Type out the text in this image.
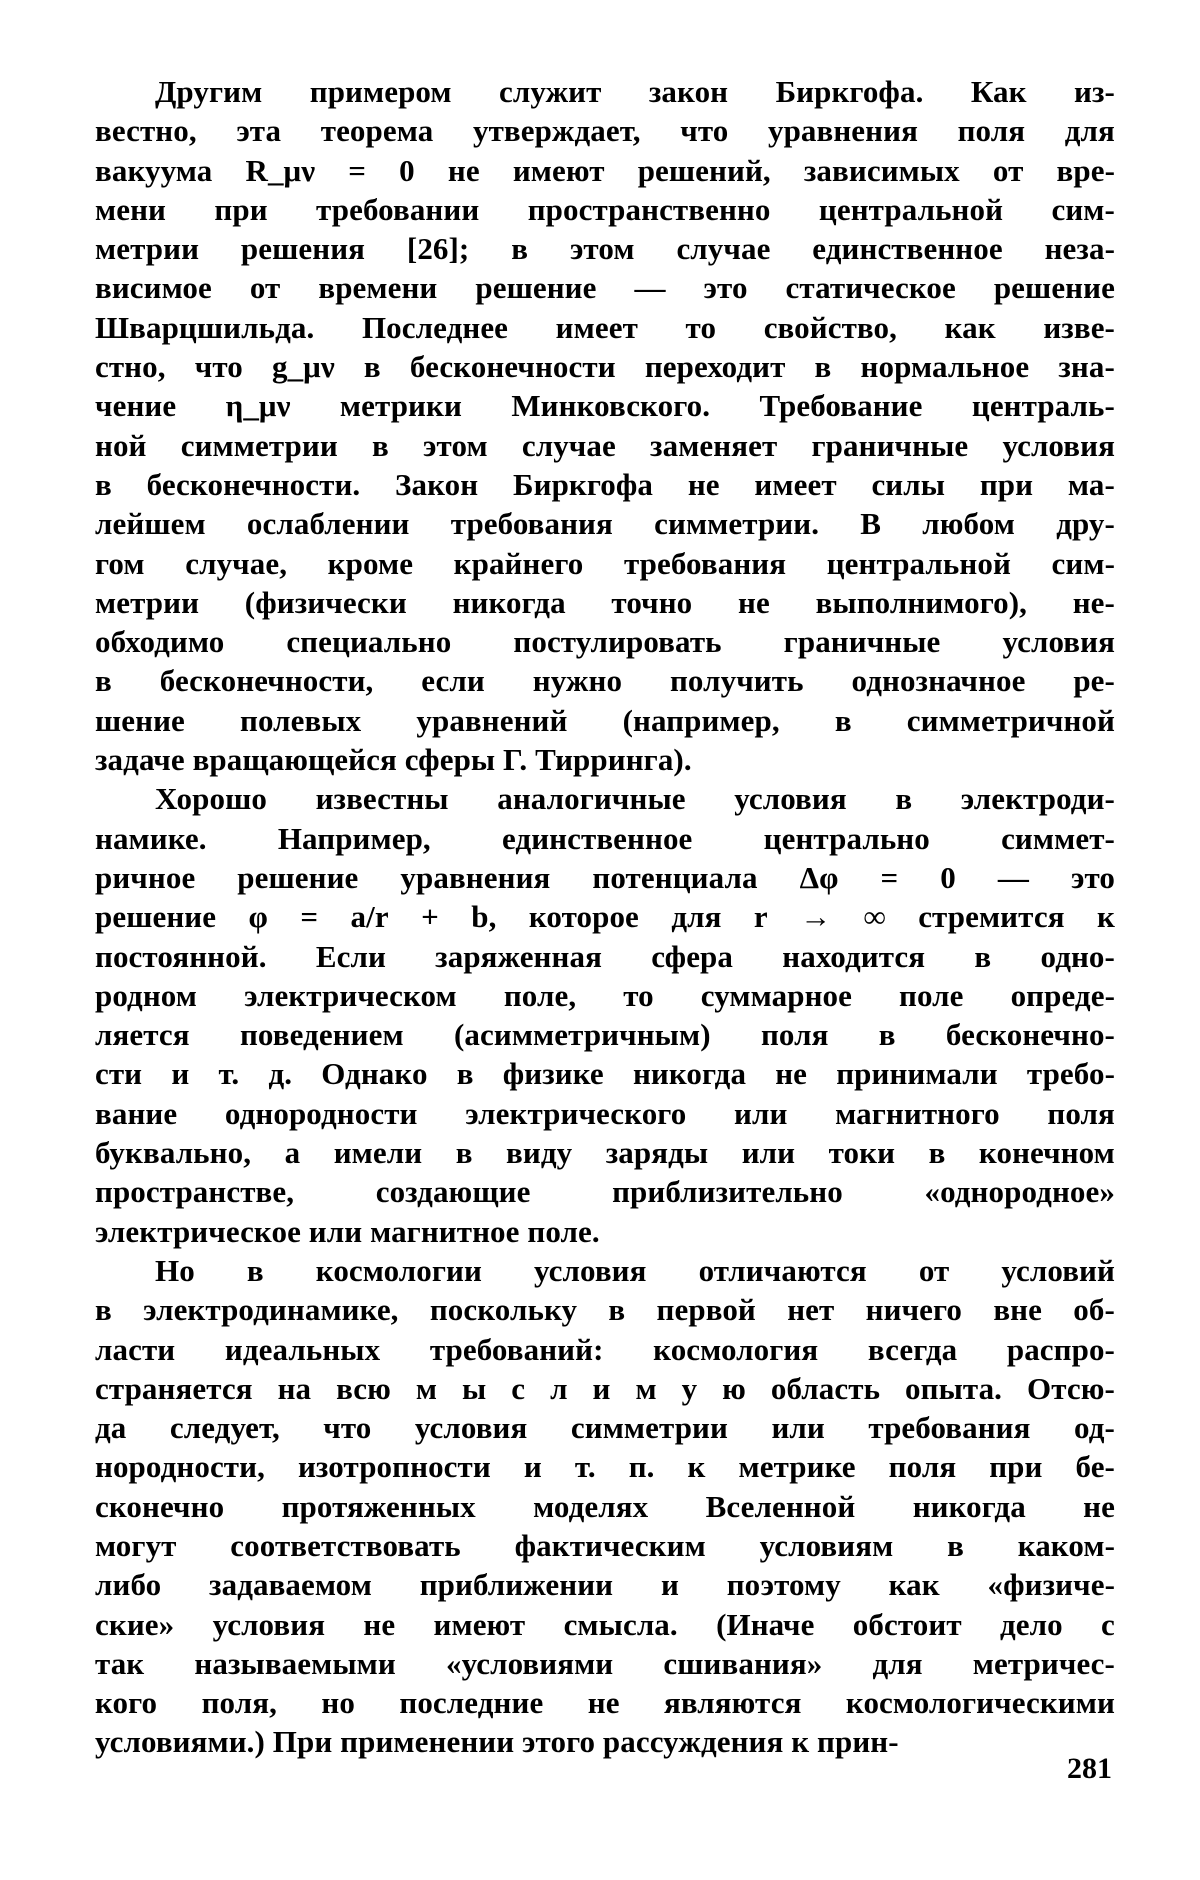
Другим примером служит закон Биркгофа. Как из-
вестно, эта теорема утверждает, что уравнения поля для
вакуума R_μν = 0 не имеют решений, зависимых от вре-
мени при требовании пространственно центральной сим-
метрии решения [26]; в этом случае единственное неза-
висимое от времени решение — это статическое решение
Шварцшильда. Последнее имеет то свойство, как изве-
стно, что g_μν в бесконечности переходит в нормальное зна-
чение η_μν метрики Минковского. Требование централь-
ной симметрии в этом случае заменяет граничные условия
в бесконечности. Закон Биркгофа не имеет силы при ма-
лейшем ослаблении требования симметрии. В любом дру-
гом случае, кроме крайнего требования центральной сим-
метрии (физически никогда точно не выполнимого), не-
обходимо специально постулировать граничные условия
в бесконечности, если нужно получить однозначное ре-
шение полевых уравнений (например, в симметричной
задаче вращающейся сферы Г. Тирринга).
Хорошо известны аналогичные условия в электроди-
намике. Например, единственное центрально симмет-
ричное решение уравнения потенциала Δφ = 0 — это
решение φ = a/r + b, которое для r → ∞ стремится к
постоянной. Если заряженная сфера находится в одно-
родном электрическом поле, то суммарное поле опреде-
ляется поведением (асимметричным) поля в бесконечно-
сти и т. д. Однако в физике никогда не принимали требо-
вание однородности электрического или магнитного поля
буквально, а имели в виду заряды или токи в конечном
пространстве,	создающие	приблизительно	«однородное»
электрическое или магнитное поле.
Но в космологии условия отличаются от условий
в электродинамике, поскольку в первой нет ничего вне об-
ласти идеальных требований: космология всегда распро-
страняется на всю м ы с л и м у ю область опыта. Отсю-
да следует, что условия симметрии или требования од-
нородности, изотропности и т. п. к метрике поля при бе-
сконечно протяженных моделях Вселенной никогда не
могут соответствовать фактическим условиям в каком-
либо задаваемом приближении и поэтому как «физиче-
ские» условия не имеют смысла. (Иначе обстоит дело с
так называемыми «условиями сшивания» для метричес-
кого поля, но последние не являются космологическими
условиями.) При применении этого рассуждения к прин-
281
